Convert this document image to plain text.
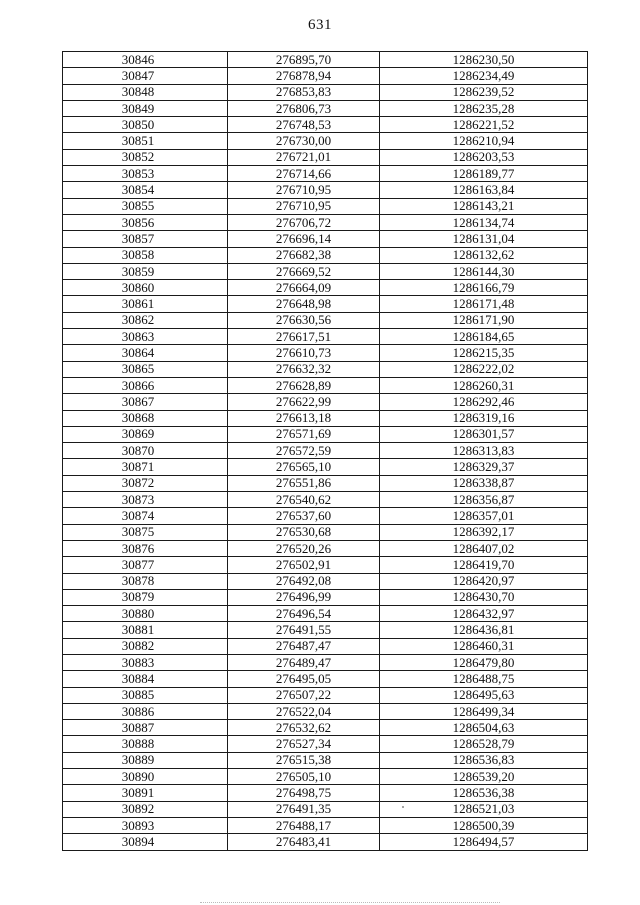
631
30846	276895,70	1286230,50
30847	276878,94	1286234,49
30848	276853,83	1286239,52
30849	276806,73	1286235,28
30850	276748,53	1286221,52
30851	276730,00	1286210,94
30852	276721,01	1286203,53
30853	276714,66	1286189,77
30854	276710,95	1286163,84
30855	276710,95	1286143,21
30856	276706,72	1286134,74
30857	276696,14	1286131,04
30858	276682,38	1286132,62
30859	276669,52	1286144,30
30860	276664,09	1286166,79
30861	276648,98	1286171,48
30862	276630,56	1286171,90
30863	276617,51	1286184,65
30864	276610,73	1286215,35
30865	276632,32	1286222,02
30866	276628,89	1286260,31
30867	276622,99	1286292,46
30868	276613,18	1286319,16
30869	276571,69	1286301,57
30870	276572,59	1286313,83
30871	276565,10	1286329,37
30872	276551,86	1286338,87
30873	276540,62	1286356,87
30874	276537,60	1286357,01
30875	276530,68	1286392,17
30876	276520,26	1286407,02
30877	276502,91	1286419,70
30878	276492,08	1286420,97
30879	276496,99	1286430,70
30880	276496,54	1286432,97
30881	276491,55	1286436,81
30882	276487,47	1286460,31
30883	276489,47	1286479,80
30884	276495,05	1286488,75
30885	276507,22	1286495,63
30886	276522,04	1286499,34
30887	276532,62	1286504,63
30888	276527,34	1286528,79
30889	276515,38	1286536,83
30890	276505,10	1286539,20
30891	276498,75	1286536,38
30892	276491,35	1286521,03
30893	276488,17	1286500,39
30894	276483,41	1286494,57
